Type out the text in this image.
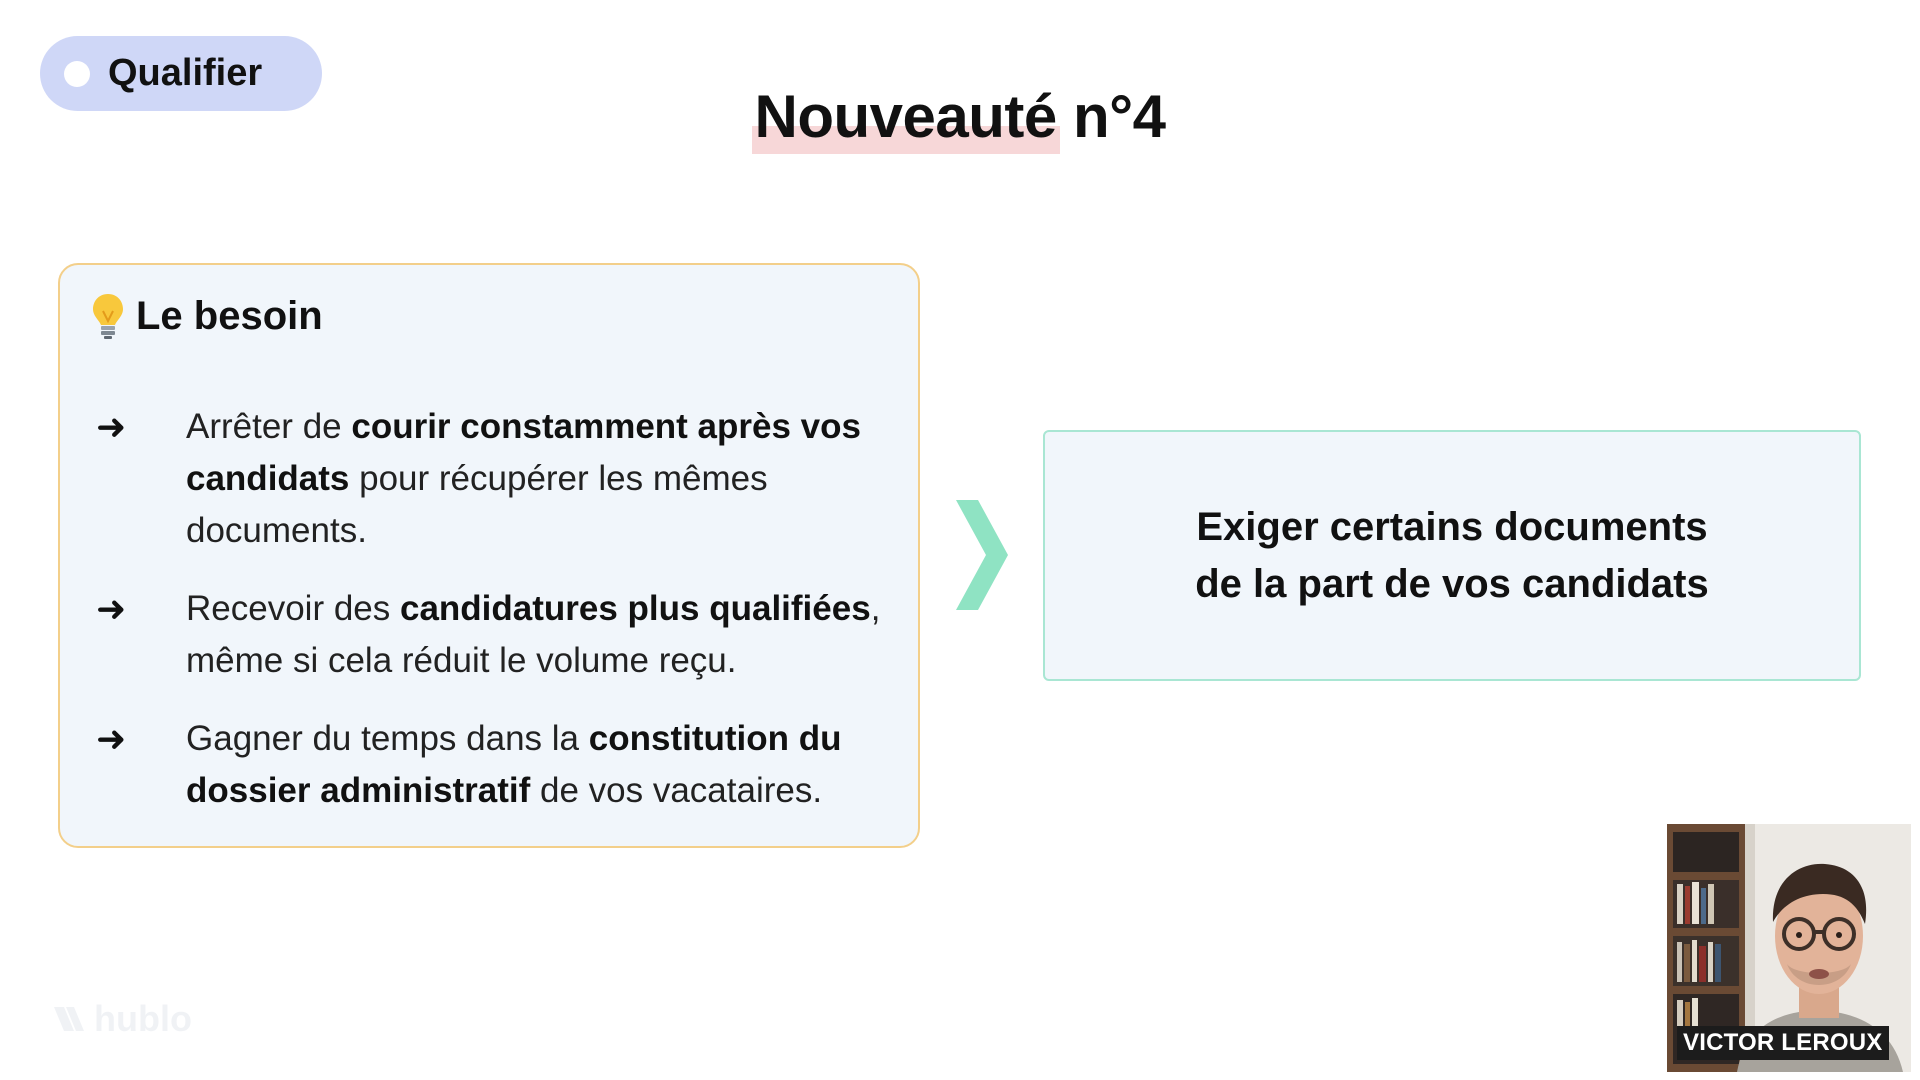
Qualifier
Nouveauté n°4
Le besoin
➜	Arrêter de courir constamment après vos candidats pour récupérer les mêmes documents.
➜	Recevoir des candidatures plus qualifiées, même si cela réduit le volume reçu.
➜	Gagner du temps dans la constitution du dossier administratif de vos vacataires.
Exiger certains documents
de la part de vos candidats
hublo
VICTOR LEROUX
